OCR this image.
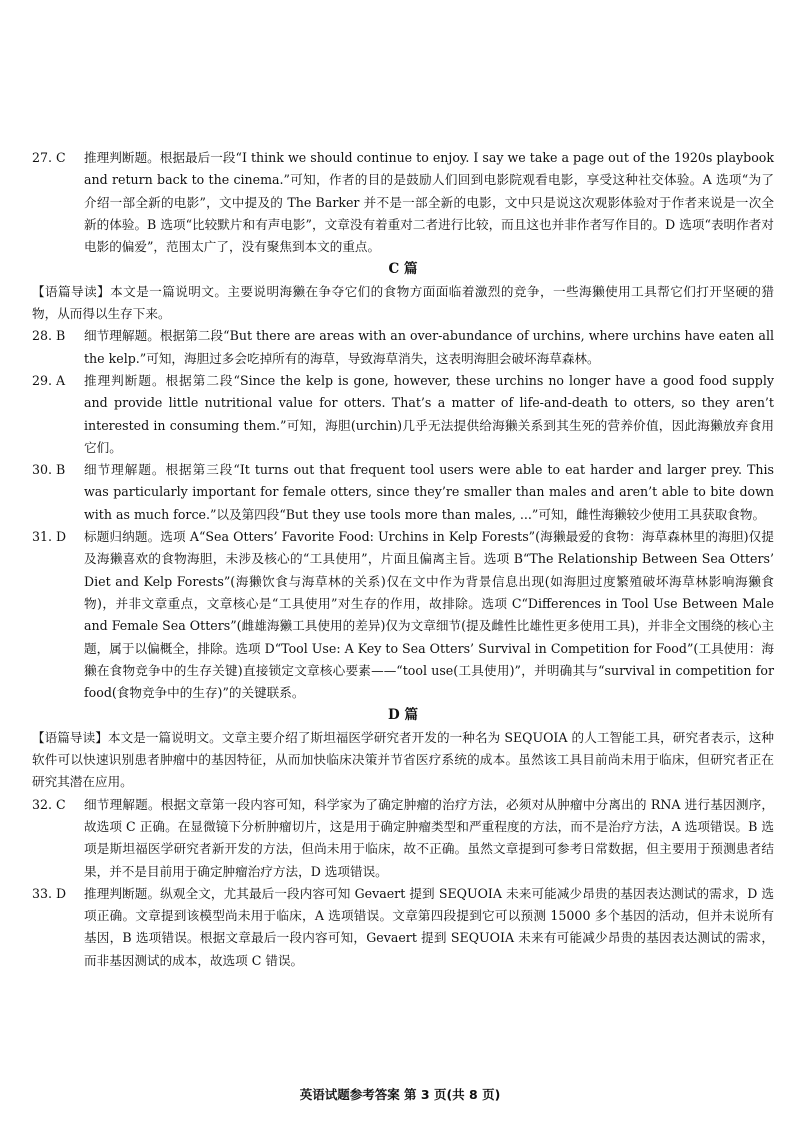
27. C	推理判断题。根据最后一段“I think we should continue to enjoy. I say we take a page out of the 1920s playbook and return back to the cinema.”可知，作者的目的是鼓励人们回到电影院观看电影，享受这种社交体验。A 选项“为了介绍一部全新的电影”，文中提及的 The Barker 并不是一部全新的电影，文中只是说这次观影体验对于作者来说是一次全新的体验。B 选项“比较默片和有声电影”，文章没有着重对二者进行比较，而且这也并非作者写作目的。D 选项“表明作者对电影的偏爱”，范围太广了，没有聚焦到本文的重点。
C 篇

【语篇导读】本文是一篇说明文。主要说明海獭在争夺它们的食物方面面临着激烈的竞争，一些海獭使用工具帮它们打开坚硬的猎物，从而得以生存下来。

28. B	细节理解题。根据第二段“But there are areas with an over-abundance of urchins, where urchins have eaten all the kelp.”可知，海胆过多会吃掉所有的海草，导致海草消失，这表明海胆会破坏海草森林。
29. A	推理判断题。根据第二段“Since the kelp is gone, however, these urchins no longer have a good food supply and provide little nutritional value for otters. That’s a matter of life-and-death to otters, so they aren’t interested in consuming them.”可知，海胆(urchin)几乎无法提供给海獭关系到其生死的营养价值，因此海獭放弃食用它们。
30. B	细节理解题。根据第三段“It turns out that frequent tool users were able to eat harder and larger prey. This was particularly important for female otters, since they’re smaller than males and aren’t able to bite down with as much force.”以及第四段“But they use tools more than males, ...”可知，雌性海獭较少使用工具获取食物。
31. D	标题归纳题。选项 A“Sea Otters’ Favorite Food: Urchins in Kelp Forests”(海獭最爱的食物：海草森林里的海胆)仅提及海獭喜欢的食物海胆，未涉及核心的“工具使用”，片面且偏离主旨。选项 B“The Relationship Between Sea Otters’ Diet and Kelp Forests”(海獭饮食与海草林的关系)仅在文中作为背景信息出现(如海胆过度繁殖破坏海草林影响海獭食物)，并非文章重点，文章核心是“工具使用”对生存的作用，故排除。选项 C“Differences in Tool Use Between Male and Female Sea Otters”(雌雄海獭工具使用的差异)仅为文章细节(提及雌性比雄性更多使用工具)，并非全文围绕的核心主题，属于以偏概全，排除。选项 D“Tool Use: A Key to Sea Otters’ Survival in Competition for Food”(工具使用：海獭在食物竞争中的生存关键)直接锁定文章核心要素——“tool use(工具使用)”，并明确其与“survival in competition for food(食物竞争中的生存)”的关键联系。
D 篇

【语篇导读】本文是一篇说明文。文章主要介绍了斯坦福医学研究者开发的一种名为 SEQUOIA 的人工智能工具，研究者表示，这种软件可以快速识别患者肿瘤中的基因特征，从而加快临床决策并节省医疗系统的成本。虽然该工具目前尚未用于临床，但研究者正在研究其潜在应用。

32. C	细节理解题。根据文章第一段内容可知，科学家为了确定肿瘤的治疗方法，必须对从肿瘤中分离出的 RNA 进行基因测序，故选项 C 正确。在显微镜下分析肿瘤切片，这是用于确定肿瘤类型和严重程度的方法，而不是治疗方法，A 选项错误。B 选项是斯坦福医学研究者新开发的方法，但尚未用于临床，故不正确。虽然文章提到可参考日常数据，但主要用于预测患者结果，并不是目前用于确定肿瘤治疗方法，D 选项错误。
33. D	推理判断题。纵观全文，尤其最后一段内容可知 Gevaert 提到 SEQUOIA 未来可能减少昂贵的基因表达测试的需求，D 选项正确。文章提到该模型尚未用于临床，A 选项错误。文章第四段提到它可以预测 15000 多个基因的活动，但并未说所有基因，B 选项错误。根据文章最后一段内容可知，Gevaert 提到 SEQUOIA 未来有可能减少昂贵的基因表达测试的需求，而非基因测试的成本，故选项 C 错误。
英语试题参考答案 第 3 页(共 8 页)
